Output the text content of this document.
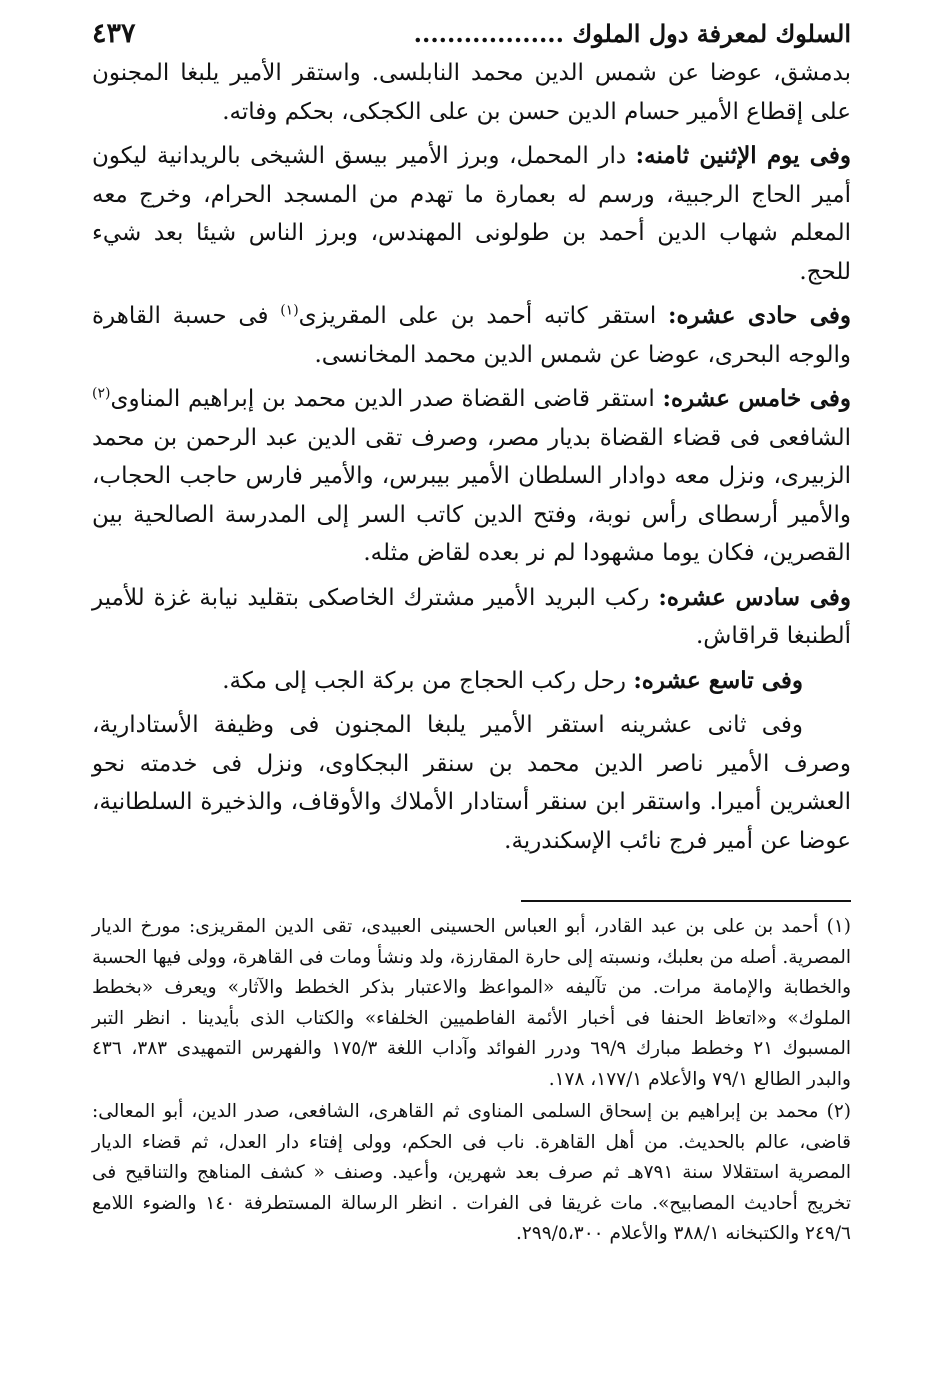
السلوك لمعرفة دول الملوك ..................
٤٣٧

بدمشق، عوضا عن شمس الدين محمد النابلسى. واستقر الأمير يلبغا المجنون على إقطاع الأمير حسام الدين حسن بن على الكجكى، بحكم وفاته.

وفى يوم الإثنين ثامنه: دار المحمل، وبرز الأمير بيسق الشيخى بالريدانية ليكون أمير الحاج الرجبية، ورسم له بعمارة ما تهدم من المسجد الحرام، وخرج معه المعلم شهاب الدين أحمد بن طولونى المهندس، وبرز الناس شيئا بعد شيء للحج.

وفى حادى عشره: استقر كاتبه أحمد بن على المقريزى$^{(١)}$ فى حسبة القاهرة والوجه البحرى، عوضا عن شمس الدين محمد المخانسى.

وفى خامس عشره: استقر قاضى القضاة صدر الدين محمد بن إبراهيم المناوى$^{(٢)}$ الشافعى فى قضاء القضاة بديار مصر، وصرف تقى الدين عبد الرحمن بن محمد الزبيرى، ونزل معه دوادار السلطان الأمير بيبرس، والأمير فارس حاجب الحجاب، والأمير أرسطاى رأس نوبة، وفتح الدين كاتب السر إلى المدرسة الصالحية بين القصرين، فكان يوما مشهودا لم نر بعده لقاض مثله.

وفى سادس عشره: ركب البريد الأمير مشترك الخاصكى بتقليد نيابة غزة للأمير ألطنبغا قراقاش.

وفى تاسع عشره: رحل ركب الحجاج من بركة الجب إلى مكة.

وفى ثانى عشرينه استقر الأمير يلبغا المجنون فى وظيفة الأستادارية، وصرف الأمير ناصر الدين محمد بن سنقر البجكاوى، ونزل فى خدمته نحو العشرين أميرا. واستقر ابن سنقر أستادار الأملاك والأوقاف، والذخيرة السلطانية، عوضا عن أمير فرج نائب الإسكندرية.

(١) أحمد بن على بن عبد القادر، أبو العباس الحسينى العبيدى، تقى الدين المقريزى: مورخ الديار المصرية. أصله من بعلبك، ونسبته إلى حارة المقارزة، ولد ونشأ ومات فى القاهرة، وولى فيها الحسبة والخطابة والإمامة مرات. من تآليفه «المواعظ والاعتبار بذكر الخطط والآثار» ويعرف «بخطط الملوك» و«اتعاظ الحنفا فى أخبار الأئمة الفاطميين الخلفاء» والكتاب الذى بأيدينا . انظر التبر المسبوك ٢١ وخطط مبارك ٦٩/٩ ودرر الفوائد وآداب اللغة ١٧٥/٣ والفهرس التمهيدى ٣٨٣، ٤٣٦ والبدر الطالع ٧٩/١ والأعلام ١٧٧/١، ١٧٨.

(٢) محمد بن إبراهيم بن إسحاق السلمى المناوى ثم القاهرى، الشافعى، صدر الدين، أبو المعالى: قاضى، عالم بالحديث. من أهل القاهرة. ناب فى الحكم، وولى إفتاء دار العدل، ثم قضاء الديار المصرية استقلالا سنة ٧٩١هـ ثم صرف بعد شهرين، وأعيد. وصنف « كشف المناهج والتناقيح فى تخريج أحاديث المصابيح». مات غريقا فى الفرات . انظر الرسالة المستطرفة ١٤٠ والضوء اللامع ٢٤٩/٦ والكتبخانه ٣٨٨/١ والأعلام ٢٩٩/٥،٣٠٠.
